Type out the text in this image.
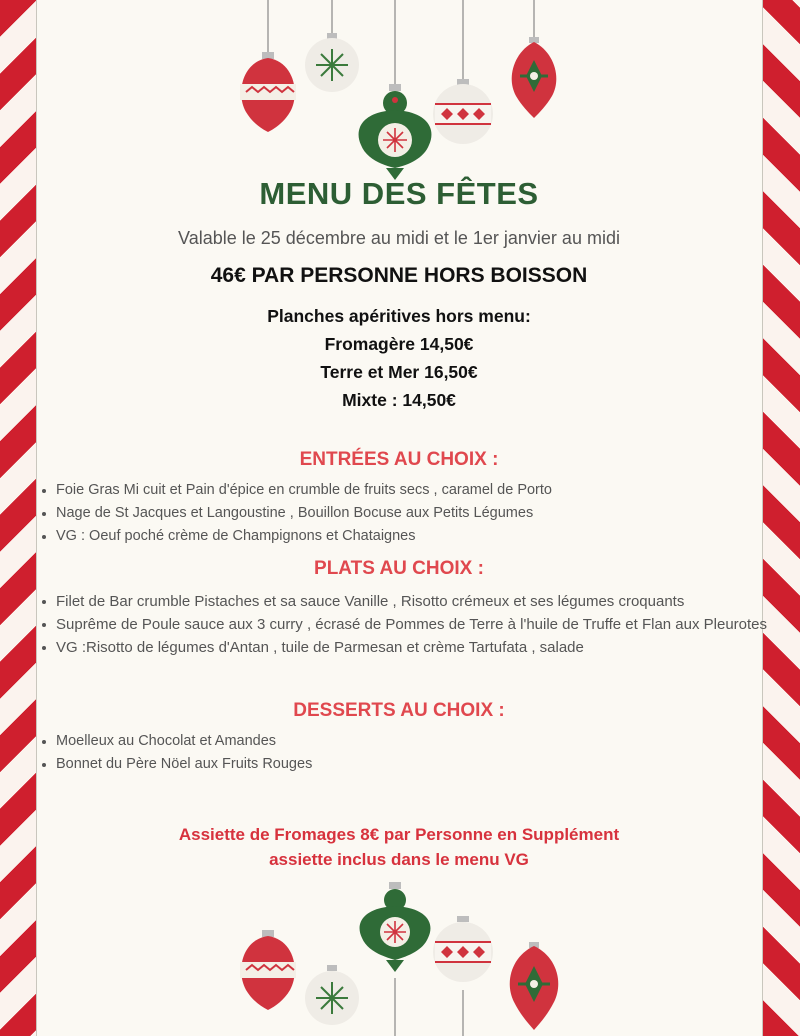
MENU DES FÊTES
Valable le 25 décembre au midi et le 1er janvier au midi
46€ PAR PERSONNE HORS BOISSON
Planches apéritives hors menu:
Fromagère 14,50€
Terre et Mer 16,50€
Mixte : 14,50€
ENTRÉES AU CHOIX :
Foie Gras Mi cuit et Pain d'épice en crumble de fruits secs , caramel de Porto
Nage de St Jacques et Langoustine , Bouillon Bocuse aux Petits Légumes
VG : Oeuf poché crème de Champignons et Chataignes
PLATS AU CHOIX :
Filet de Bar crumble Pistaches et sa sauce Vanille , Risotto crémeux et ses légumes croquants
Suprême de Poule sauce aux 3 curry , écrasé de Pommes de Terre à l'huile de Truffe et Flan aux Pleurotes
VG :Risotto de légumes d'Antan , tuile de Parmesan et crème Tartufata , salade
DESSERTS AU CHOIX :
Moelleux au Chocolat et Amandes
Bonnet du Père Nöel aux Fruits Rouges
Assiette de Fromages 8€ par Personne en Supplément
assiette inclus dans le menu VG
